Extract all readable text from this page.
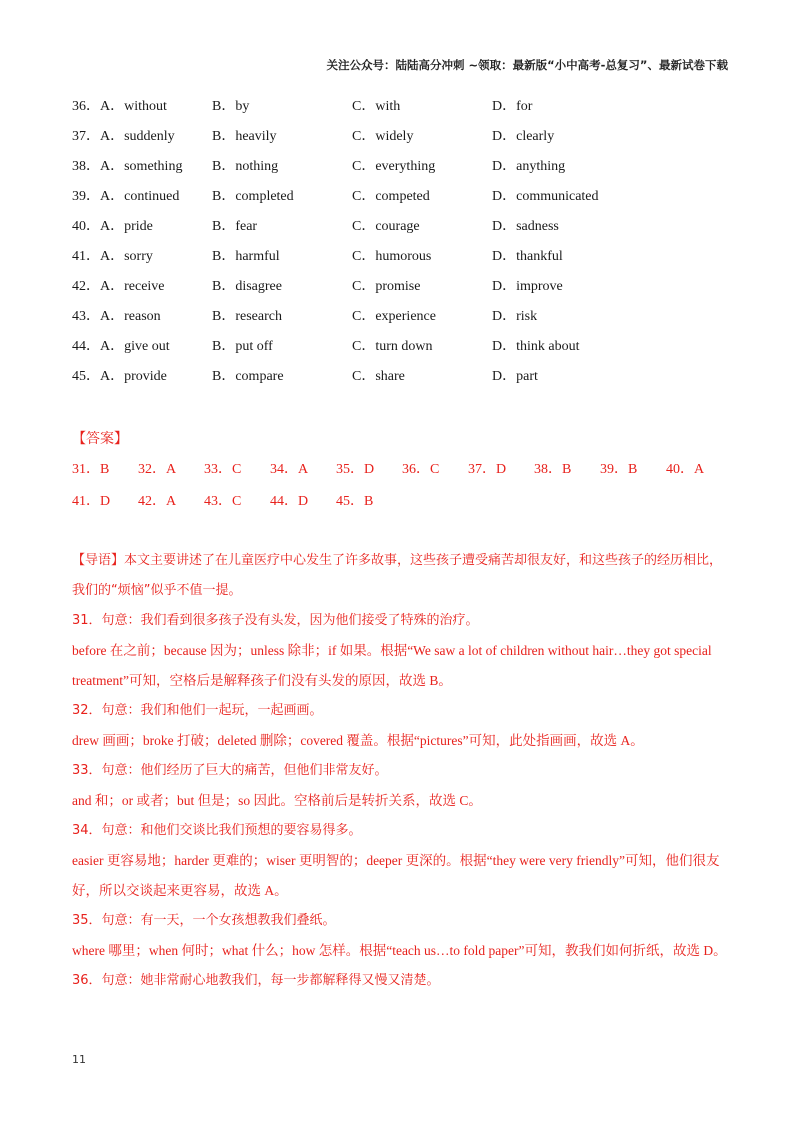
关注公众号：陆陆高分冲刺 ~领取：最新版“小中高考-总复习”、最新试卷下载
36．A．without	B．by	C．with	D．for
37．A．suddenly	B．heavily	C．widely	D．clearly
38．A．something B．nothing	C．everything	D．anything
39．A．continued B．completed	C．competed	D．communicated
40．A．pride	B．fear	C．courage	D．sadness
41．A．sorry	B．harmful	C．humorous	D．thankful
42．A．receive	B．disagree	C．promise	D．improve
43．A．reason	B．research	C．experience	D．risk
44．A．give out	B．put off	C．turn down	D．think about
45．A．provide	B．compare	C．share	D．part
【答案】
31．B 32．A 33．C 34．A 35．D 36．C 37．D 38．B 39．B 40．A
41．D 42．A 43．C 44．D 45．B

【导语】本文主要讲述了在儿童医疗中心发生了许多故事，这些孩子遭受痛苦却很友好，和这些孩子的经历相比，我们的“烦恼”似乎不值一提。

31．句意：我们看到很多孩子没有头发，因为他们接受了特殊的治疗。

before 在之前；because 因为；unless 除非；if 如果。根据“We saw a lot of children without hair…they got special treatment”可知，空格后是解释孩子们没有头发的原因，故选 B。

32．句意：我们和他们一起玩，一起画画。

drew 画画；broke 打破；deleted 删除；covered 覆盖。根据“pictures”可知，此处指画画，故选 A。

33．句意：他们经历了巨大的痛苦，但他们非常友好。

and 和；or 或者；but 但是；so 因此。空格前后是转折关系，故选 C。

34．句意：和他们交谈比我们预想的要容易得多。

easier 更容易地；harder 更难的；wiser 更明智的；deeper 更深的。根据“they were very friendly”可知，他们很友好，所以交谈起来更容易，故选 A。

35．句意：有一天，一个女孩想教我们叠纸。

where 哪里；when 何时；what 什么；how 怎样。根据“teach us…to fold paper”可知，教我们如何折纸，故选 D。

36．句意：她非常耐心地教我们，每一步都解释得又慢又清楚。

11
